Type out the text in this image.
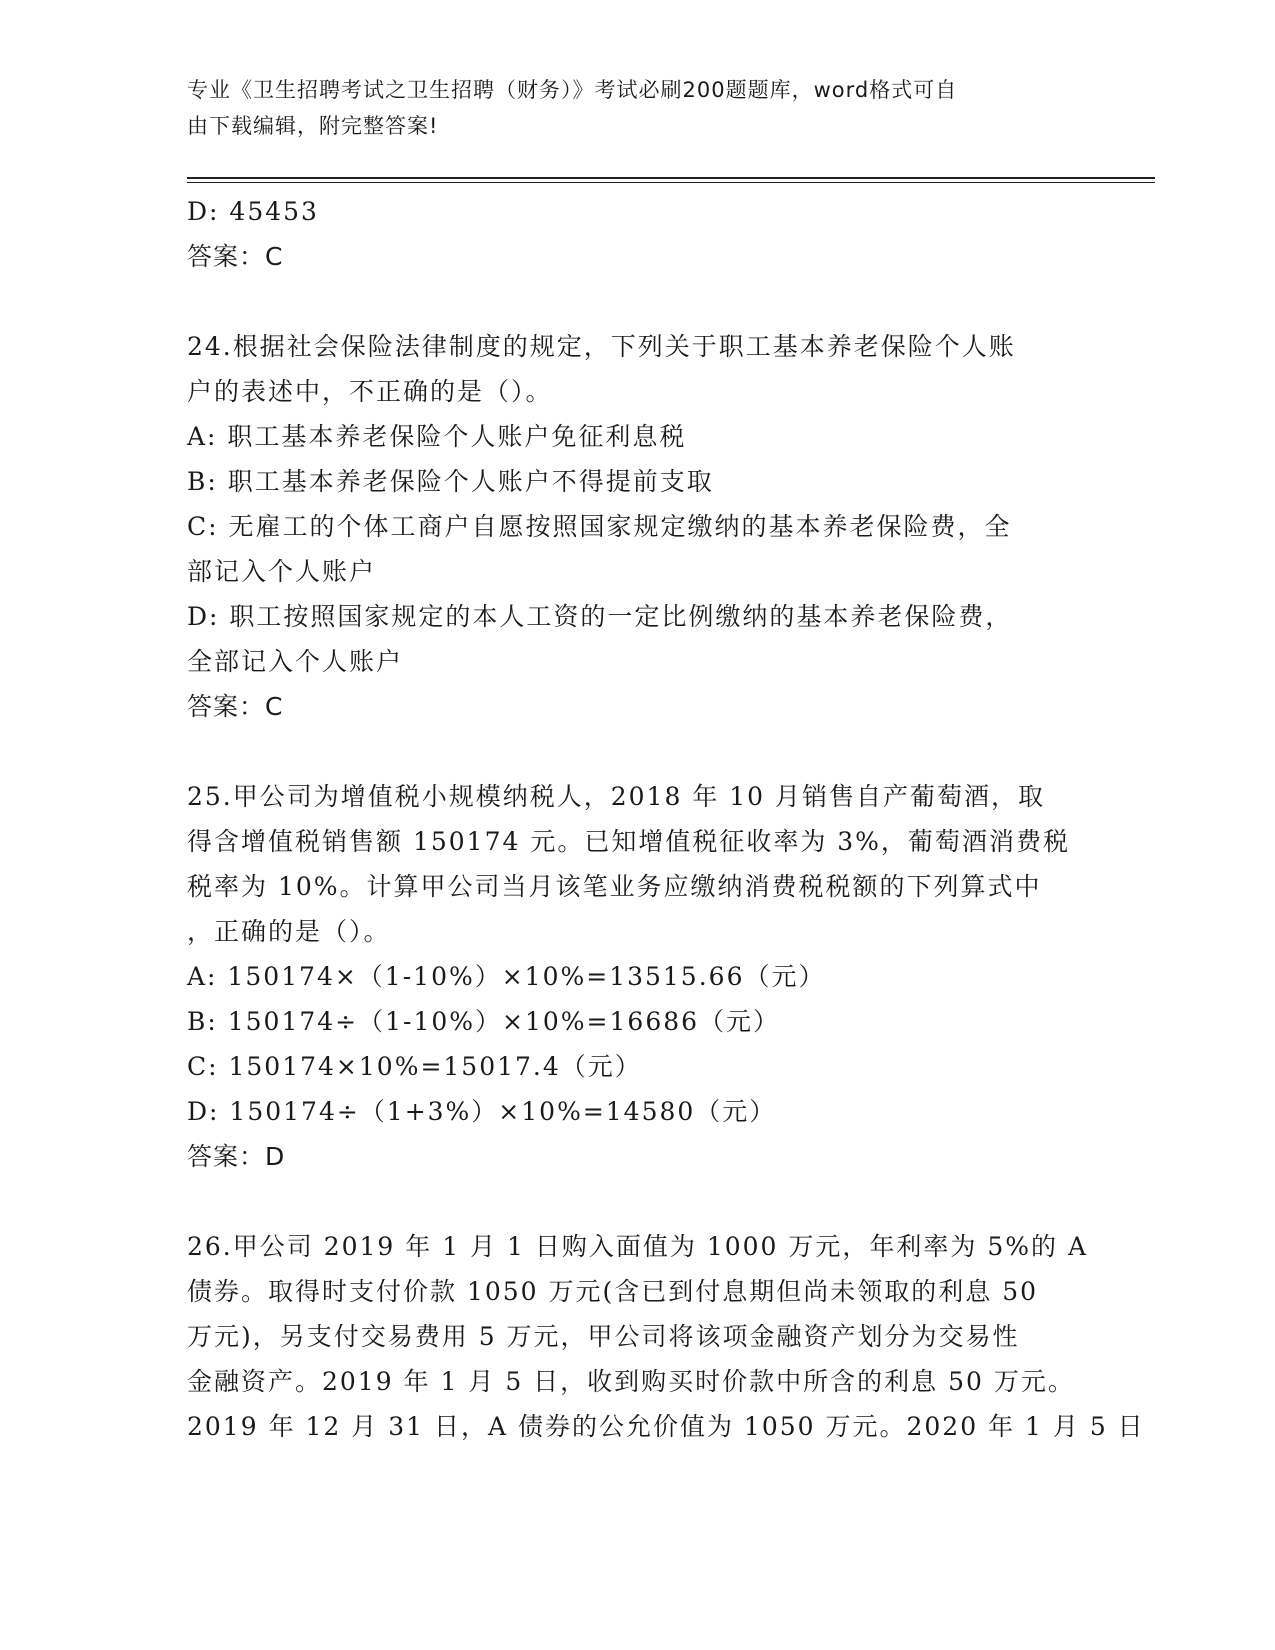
专业《卫生招聘考试之卫生招聘（财务）》考试必刷200题题库，word格式可自
由下载编辑，附完整答案!
D: 45453
答案：C
24.根据社会保险法律制度的规定，下列关于职工基本养老保险个人账
户的表述中，不正确的是（）。
A: 职工基本养老保险个人账户免征利息税
B: 职工基本养老保险个人账户不得提前支取
C: 无雇工的个体工商户自愿按照国家规定缴纳的基本养老保险费，全
部记入个人账户
D: 职工按照国家规定的本人工资的一定比例缴纳的基本养老保险费，
全部记入个人账户
答案：C
25.甲公司为增值税小规模纳税人，2018 年 10 月销售自产葡萄酒，取
得含增值税销售额 150174 元。已知增值税征收率为 3%，葡萄酒消费税
税率为 10%。计算甲公司当月该笔业务应缴纳消费税税额的下列算式中
，正确的是（）。
A: 150174×（1-10%）×10%=13515.66（元）
B: 150174÷（1-10%）×10%=16686（元）
C: 150174×10%=15017.4（元）
D: 150174÷（1+3%）×10%=14580（元）
答案：D
26.甲公司 2019 年 1 月 1 日购入面值为 1000 万元，年利率为 5%的 A
债券。取得时支付价款 1050 万元(含已到付息期但尚未领取的利息 50
万元)，另支付交易费用 5 万元，甲公司将该项金融资产划分为交易性
金融资产。2019 年 1 月 5 日，收到购买时价款中所含的利息 50 万元。
2019 年 12 月 31 日，A 债券的公允价值为 1050 万元。2020 年 1 月 5 日
